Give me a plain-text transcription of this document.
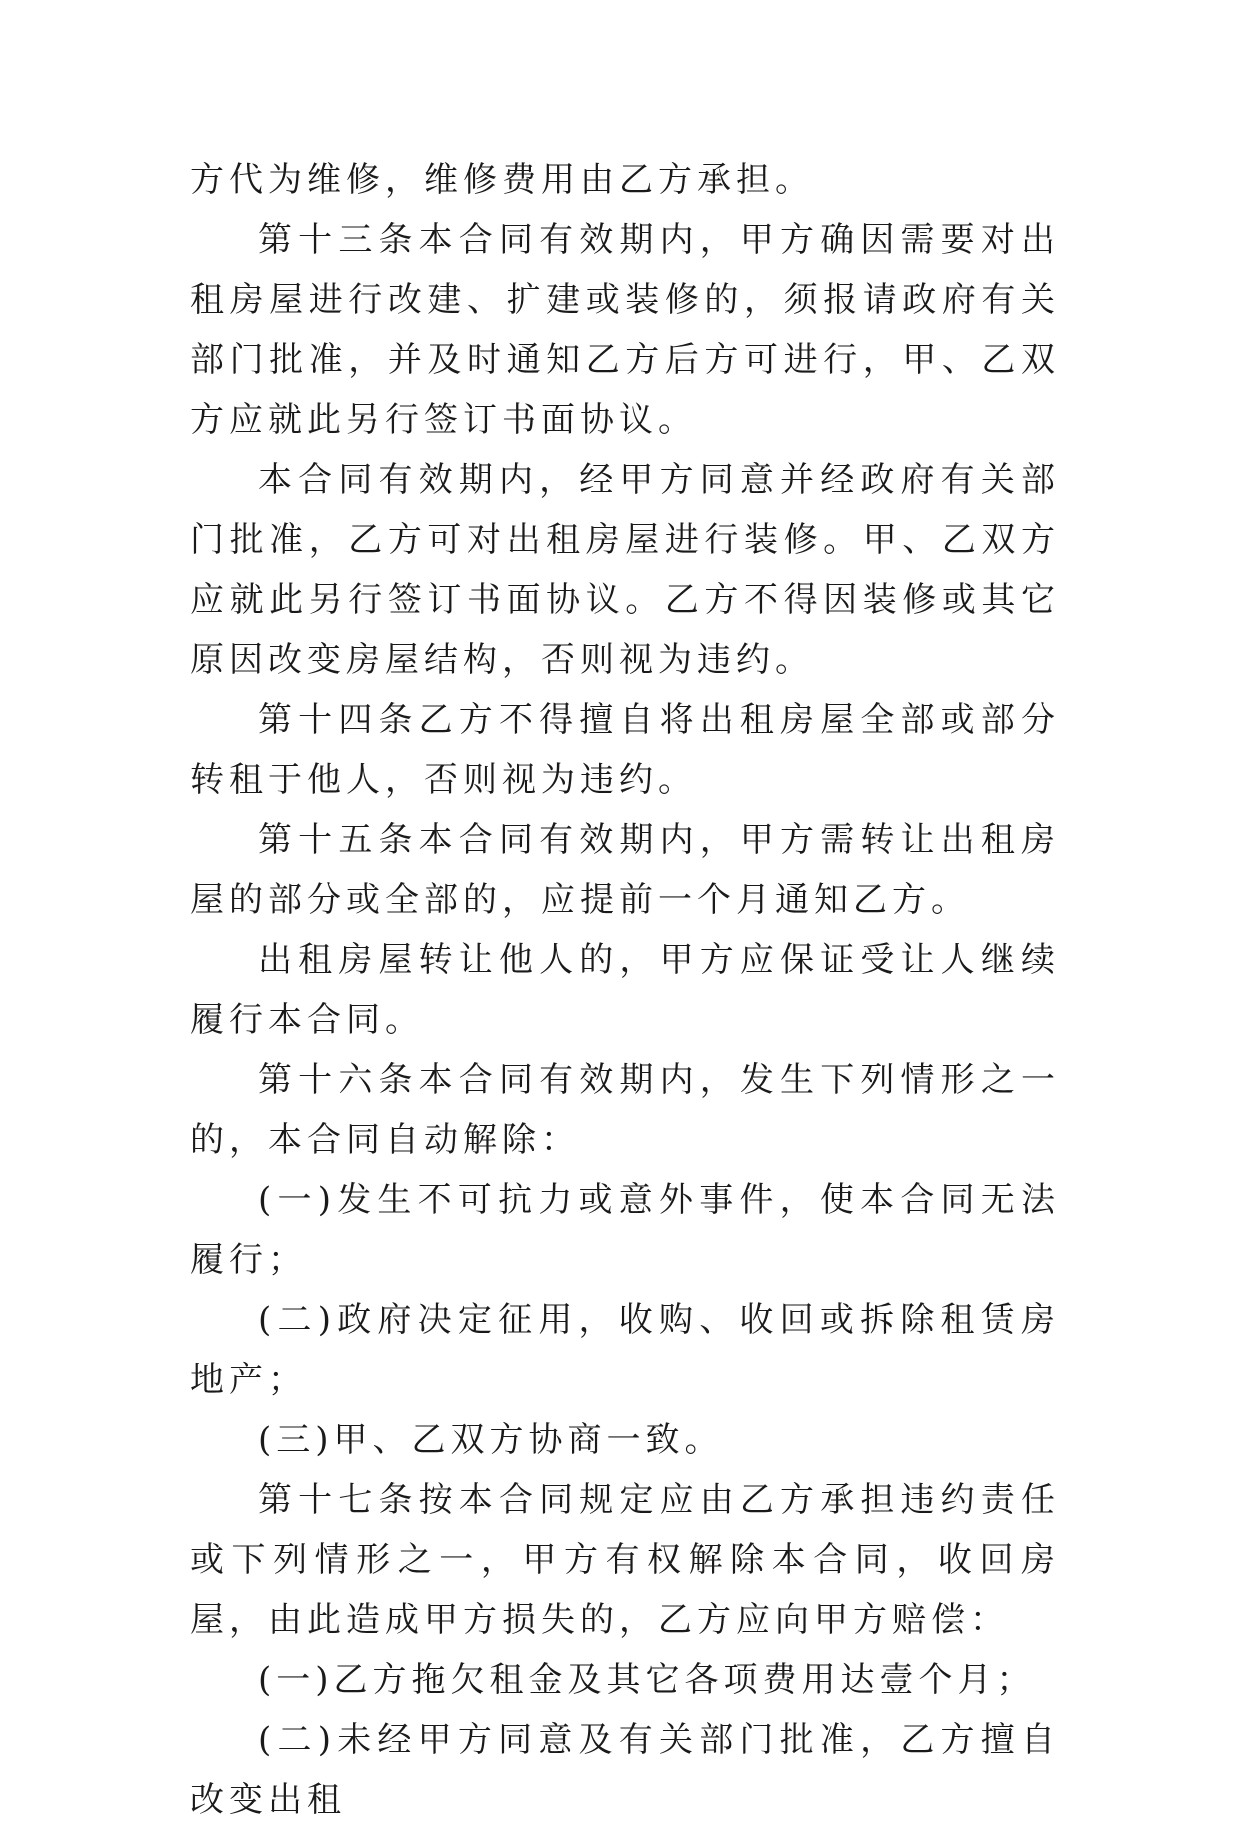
方代为维修，维修费用由乙方承担。

第十三条本合同有效期内，甲方确因需要对出租房屋进行改建、扩建或装修的，须报请政府有关部门批准，并及时通知乙方后方可进行，甲、乙双方应就此另行签订书面协议。

本合同有效期内，经甲方同意并经政府有关部门批准，乙方可对出租房屋进行装修。甲、乙双方应就此另行签订书面协议。乙方不得因装修或其它原因改变房屋结构，否则视为违约。

第十四条乙方不得擅自将出租房屋全部或部分转租于他人，否则视为违约。

第十五条本合同有效期内，甲方需转让出租房屋的部分或全部的，应提前一个月通知乙方。

出租房屋转让他人的，甲方应保证受让人继续履行本合同。

第十六条本合同有效期内，发生下列情形之一的，本合同自动解除：

(一)发生不可抗力或意外事件，使本合同无法履行；

(二)政府决定征用，收购、收回或拆除租赁房地产；

(三)甲、乙双方协商一致。

第十七条按本合同规定应由乙方承担违约责任或下列情形之一，甲方有权解除本合同，收回房屋，由此造成甲方损失的，乙方应向甲方赔偿：

(一)乙方拖欠租金及其它各项费用达壹个月；

(二)未经甲方同意及有关部门批准，乙方擅自改变出租
